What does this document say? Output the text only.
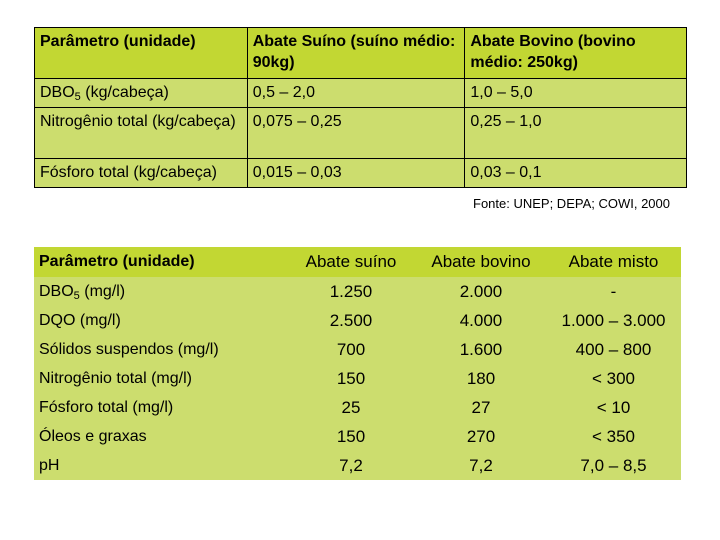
Parâmetro (unidade)	Abate Suíno (suíno médio: 90kg)	Abate Bovino (bovino médio: 250kg)
$DBO_5$ (kg/cabeça)	0,5 – 2,0	1,0 – 5,0
Nitrogênio total (kg/cabeça)	0,075 – 0,25	0,25 – 1,0
Fósforo total (kg/cabeça)	0,015 – 0,03	0,03 – 0,1
Fonte: UNEP; DEPA; COWI, 2000
Parâmetro (unidade)	Abate suíno	Abate bovino	Abate misto
$DBO_5$ (mg/l)	1.250	2.000	-
DQO (mg/l)	2.500	4.000	1.000 – 3.000
Sólidos suspendos (mg/l)	700	1.600	400 – 800
Nitrogênio total (mg/l)	150	180	< 300
Fósforo total (mg/l)	25	27	< 10
Óleos e graxas	150	270	< 350
pH	7,2	7,2	7,0 – 8,5
